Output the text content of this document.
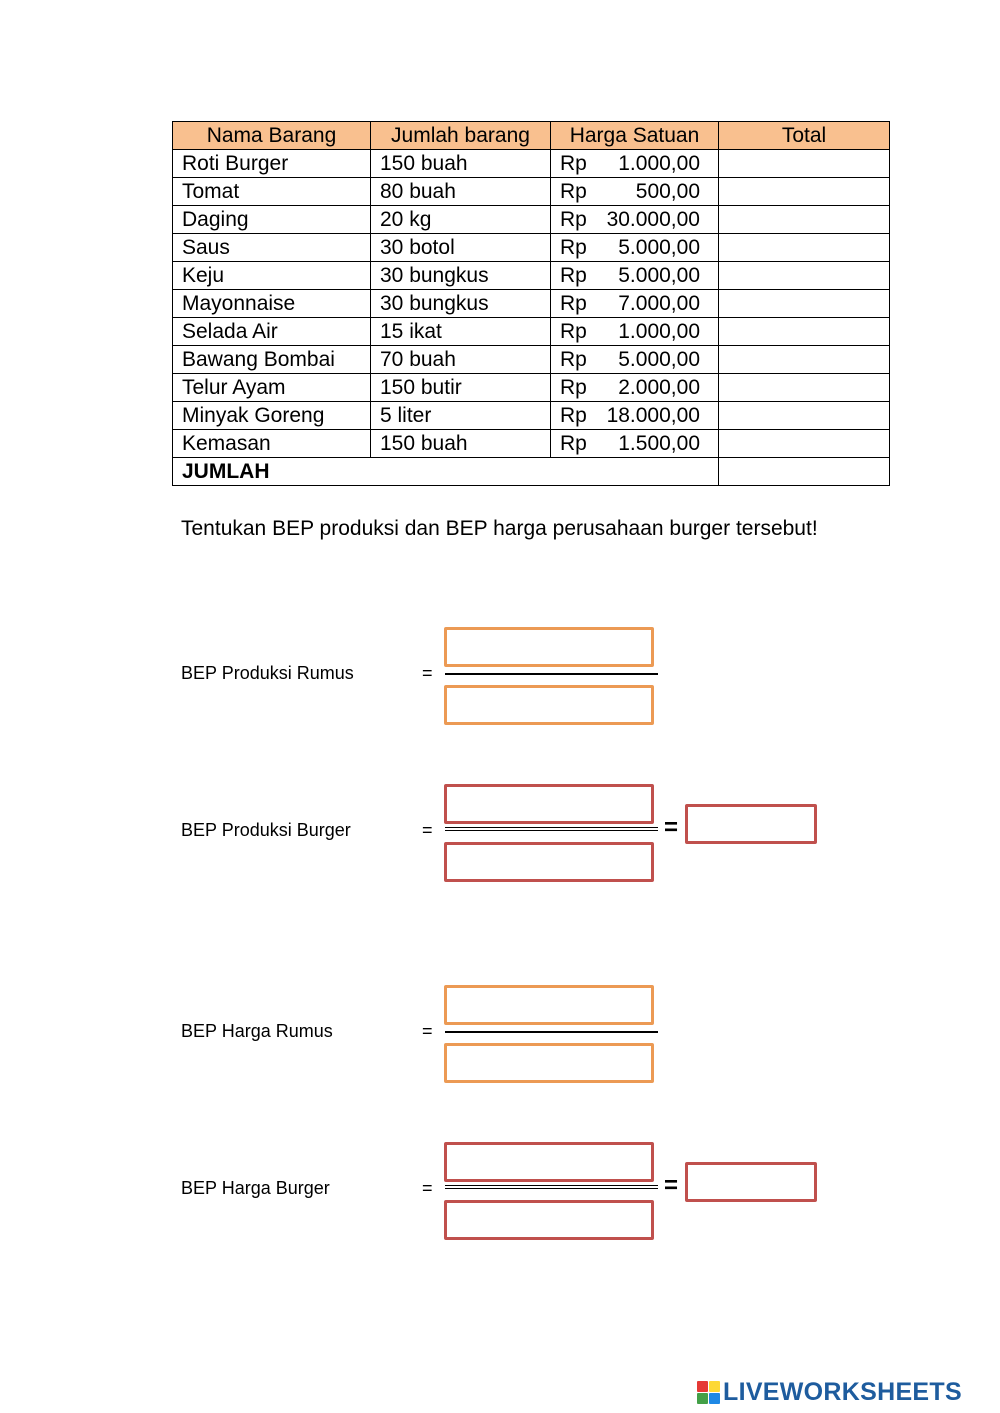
Nama Barang	Jumlah barang	Harga Satuan	Total
Roti Burger	150 buah	Rp 1.000,00	
Tomat	80 buah	Rp 500,00	
Daging	20 kg	Rp 30.000,00	
Saus	30 botol	Rp 5.000,00	
Keju	30 bungkus	Rp 5.000,00	
Mayonnaise	30 bungkus	Rp 7.000,00	
Selada Air	15 ikat	Rp 1.000,00	
Bawang Bombai	70 buah	Rp 5.000,00	
Telur Ayam	150 butir	Rp 2.000,00	
Minyak Goreng	5 liter	Rp 18.000,00	
Kemasan	150 buah	Rp 1.500,00	
JUMLAH			
Tentukan BEP produksi dan BEP harga perusahaan burger tersebut!
BEP Produksi Rumus	=
BEP Produksi Burger	=	=
BEP Harga Rumus	=
BEP Harga Burger	=	=
LIVEWORKSHEETS
